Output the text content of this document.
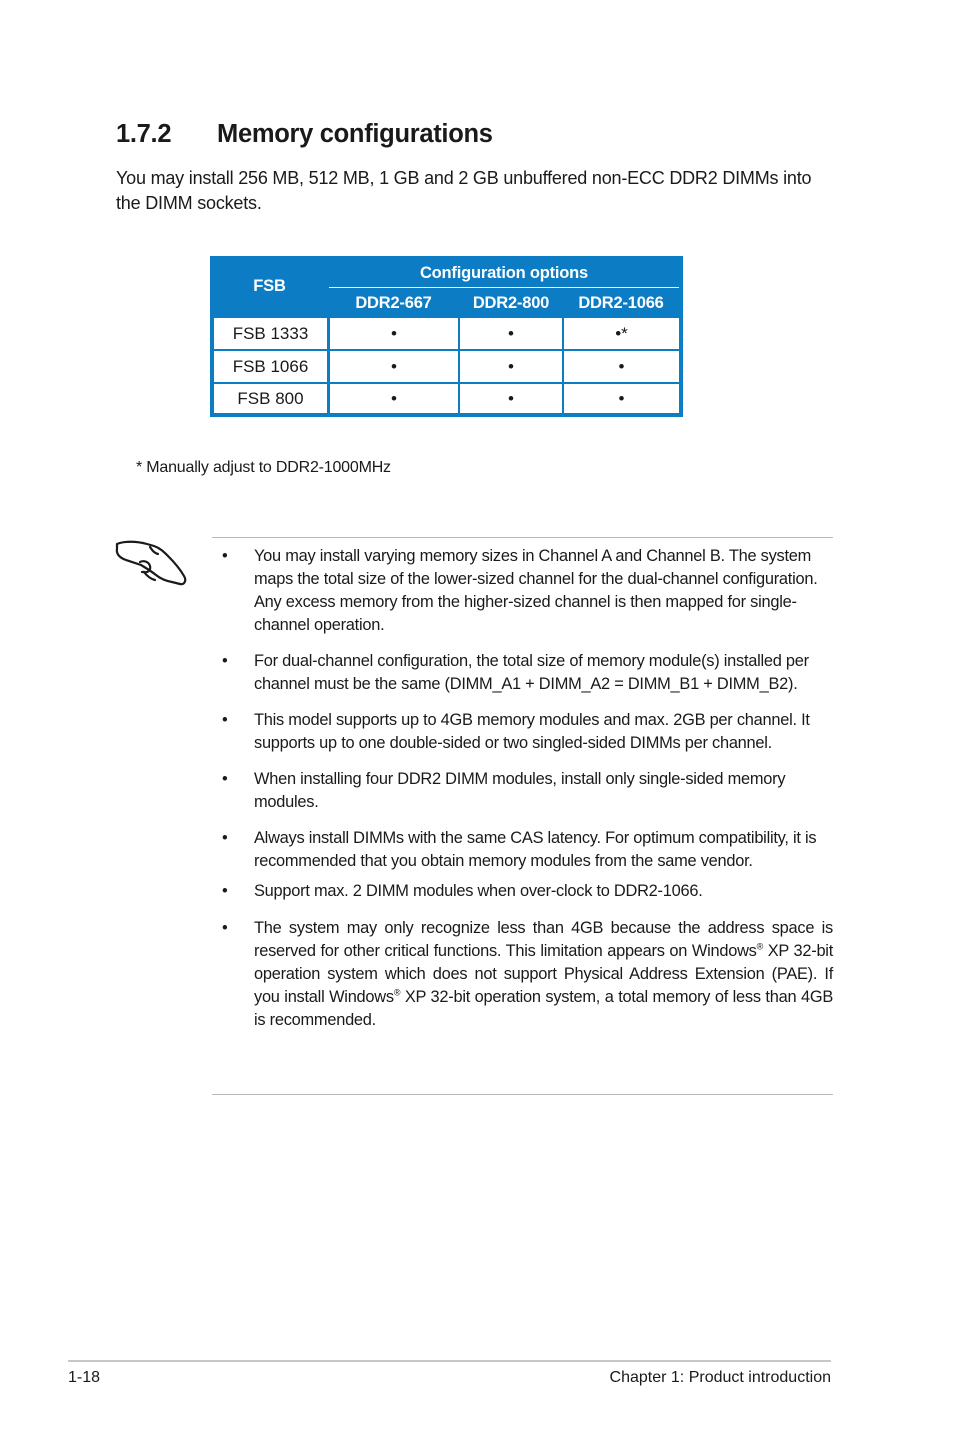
1.7.2 Memory configurations
You may install 256 MB, 512 MB, 1 GB and 2 GB unbuffered non-ECC DDR2 DIMMs into the DIMM sockets.
FSB
Configuration options
DDR2-667	DDR2-800	DDR2-1066
FSB 1333	•	•	•*
FSB 1066	•	•	•
FSB 800	•	•	•
* Manually adjust to DDR2-1000MHz
• You may install varying memory sizes in Channel A and Channel B. The system maps the total size of the lower-sized channel for the dual-channel configuration. Any excess memory from the higher-sized channel is then mapped for single-channel operation.
• For dual-channel configuration, the total size of memory module(s) installed per channel must be the same (DIMM_A1 + DIMM_A2 = DIMM_B1 + DIMM_B2).
• This model supports up to 4GB memory modules and max. 2GB per channel. It supports up to one double-sided or two singled-sided DIMMs per channel.
• When installing four DDR2 DIMM modules, install only single-sided memory modules.
• Always install DIMMs with the same CAS latency. For optimum compatibility, it is recommended that you obtain memory modules from the same vendor.
• Support max. 2 DIMM modules when over-clock to DDR2-1066.
• The system may only recognize less than 4GB because the address space is reserved for other critical functions. This limitation appears on Windows® XP 32-bit operation system which does not support Physical Address Extension (PAE). If you install Windows® XP 32-bit operation system, a total memory of less than 4GB is recommended.
1-18	Chapter 1: Product introduction
